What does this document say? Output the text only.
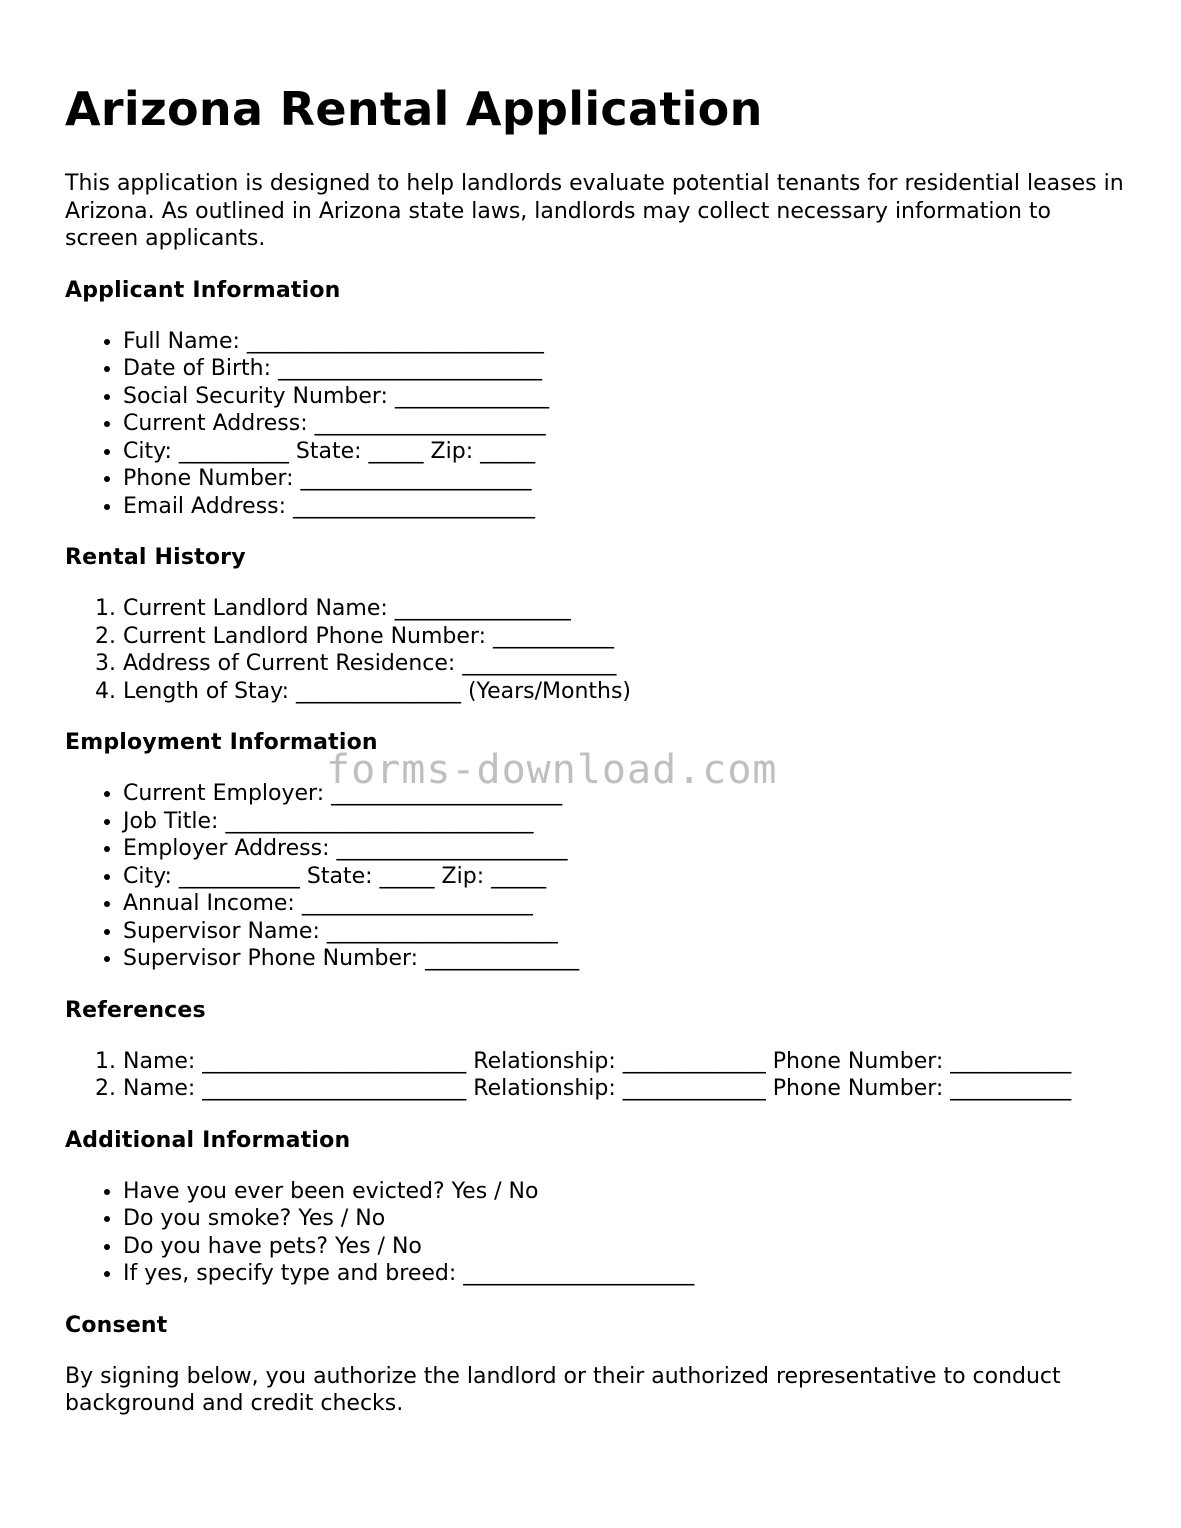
Arizona Rental Application

This application is designed to help landlords evaluate potential tenants for residential leases in Arizona. As outlined in Arizona state laws, landlords may collect necessary information to screen applicants.

Applicant Information
• Full Name: ___________________________
• Date of Birth: ________________________
• Social Security Number: ______________
• Current Address: _____________________
• City: __________ State: _____ Zip: _____
• Phone Number: _____________________
• Email Address: ______________________
Rental History
1. Current Landlord Name: ________________
2. Current Landlord Phone Number: ___________
3. Address of Current Residence: ______________
4. Length of Stay: _______________ (Years/Months)
Employment Information
• Current Employer: _____________________
• Job Title: ____________________________
• Employer Address: _____________________
• City: ___________ State: _____ Zip: _____
• Annual Income: _____________________
• Supervisor Name: _____________________
• Supervisor Phone Number: ______________
References
1. Name: ________________________ Relationship: _____________ Phone Number: ___________
2. Name: ________________________ Relationship: _____________ Phone Number: ___________
Additional Information
• Have you ever been evicted? Yes / No
• Do you smoke? Yes / No
• Do you have pets? Yes / No
• If yes, specify type and breed: _____________________
Consent

By signing below, you authorize the landlord or their authorized representative to conduct background and credit checks.

forms-download.com
